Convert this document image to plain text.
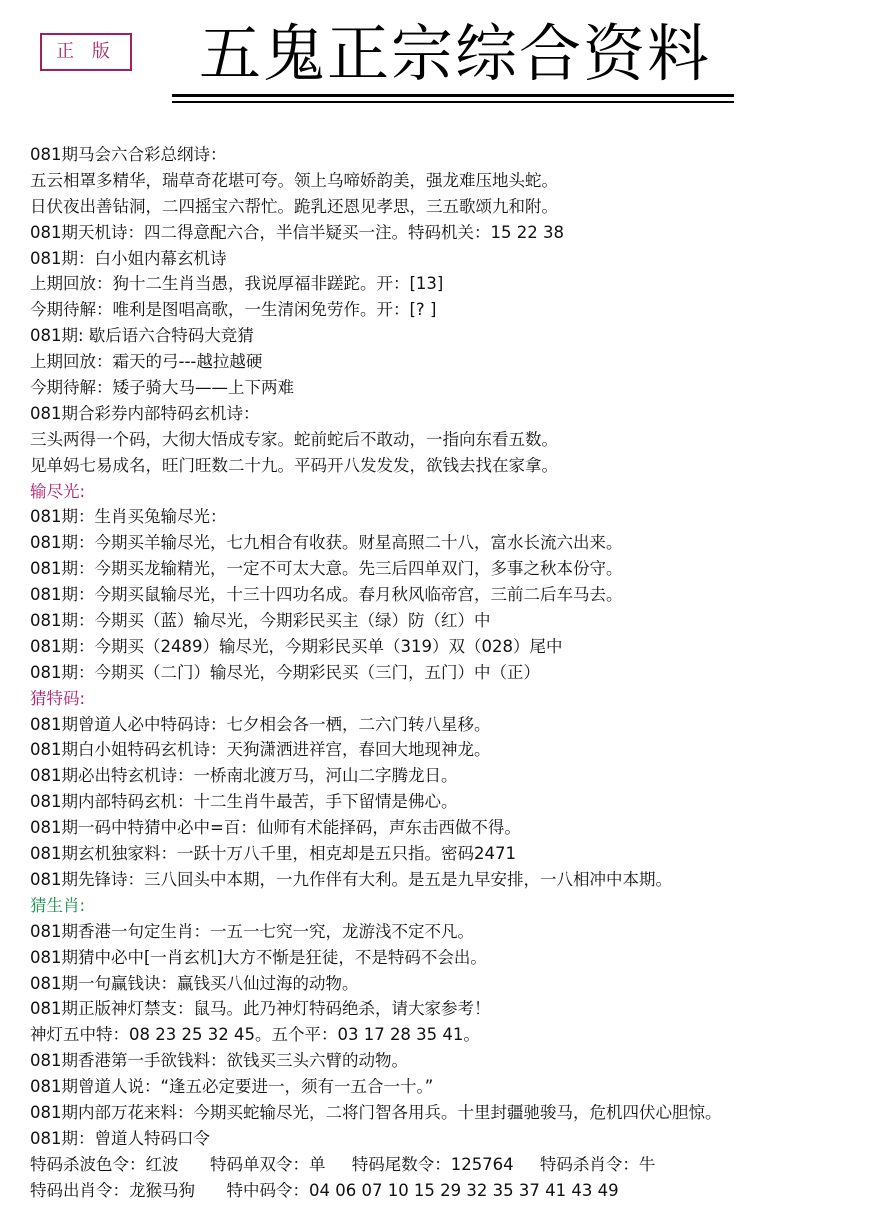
正 版	五鬼正宗综合资料
081期马会六合彩总纲诗：
五云相罩多精华，瑞草奇花堪可夸。领上乌啼娇韵美，强龙难压地头蛇。
日伏夜出善钻洞，二四摇宝六帮忙。跪乳还恩见孝思，三五歌颂九和附。
081期天机诗：四二得意配六合，半信半疑买一注。特码机关：15 22 38
081期：白小姐内幕玄机诗
上期回放：狗十二生肖当愚，我说厚福非蹉跎。开：[13]
今期待解：唯利是图唱高歌，一生清闲免劳作。开：[? ]
081期: 歇后语六合特码大竞猜
上期回放：霜天的弓---越拉越硬
今期待解：矮子骑大马——上下两难
081期合彩券内部特码玄机诗：
三头两得一个码，大彻大悟成专家。蛇前蛇后不敢动，一指向东看五数。
见单妈七易成名，旺门旺数二十九。平码开八发发发，欲钱去找在家拿。
输尽光:
081期：生肖买兔输尽光：
081期：今期买羊输尽光，七九相合有收获。财星高照二十八，富水长流六出来。
081期：今期买龙输精光，一定不可太大意。先三后四单双门，多事之秋本份守。
081期：今期买鼠输尽光，十三十四功名成。春月秋风临帝宫，三前二后车马去。
081期：今期买（蓝）输尽光，今期彩民买主（绿）防（红）中
081期：今期买（2489）输尽光，今期彩民买单（319）双（028）尾中
081期：今期买（二门）输尽光，今期彩民买（三门，五门）中（正）
猜特码:
081期曾道人必中特码诗：七夕相会各一栖，二六门转八星移。
081期白小姐特码玄机诗：天狗潇洒进祥宫，春回大地现神龙。
081期必出特玄机诗：一桥南北渡万马，河山二字腾龙日。
081期内部特码玄机：十二生肖牛最苦，手下留情是佛心。
081期一码中特猜中必中=百：仙师有术能择码，声东击西做不得。
081期玄机独家料：一跃十万八千里，相克却是五只指。密码2471
081期先锋诗：三八回头中本期，一九作伴有大利。是五是九早安排，一八相冲中本期。
猜生肖:
081期香港一句定生肖：一五一七究一究，龙游浅不定不凡。
081期猜中必中[一肖玄机]大方不惭是狂徒，不是特码不会出。
081期一句赢钱诀：赢钱买八仙过海的动物。
081期正版神灯禁支：鼠马。此乃神灯特码绝杀，请大家参考！
神灯五中特：08 23 25 32 45。五个平：03 17 28 35 41。
081期香港第一手欲钱料：欲钱买三头六臂的动物。
081期曾道人说：“逢五必定要进一，须有一五合一十。”
081期内部万花来料：今期买蛇输尽光，二将门智各用兵。十里封疆驰骏马，危机四伏心胆惊。
081期：曾道人特码口令
特码杀波色令：红波      特码单双令：单     特码尾数令：125764     特码杀肖令：牛
特码出肖令：龙猴马狗      特中码令：04 06 07 10 15 29 32 35 37 41 43 49
